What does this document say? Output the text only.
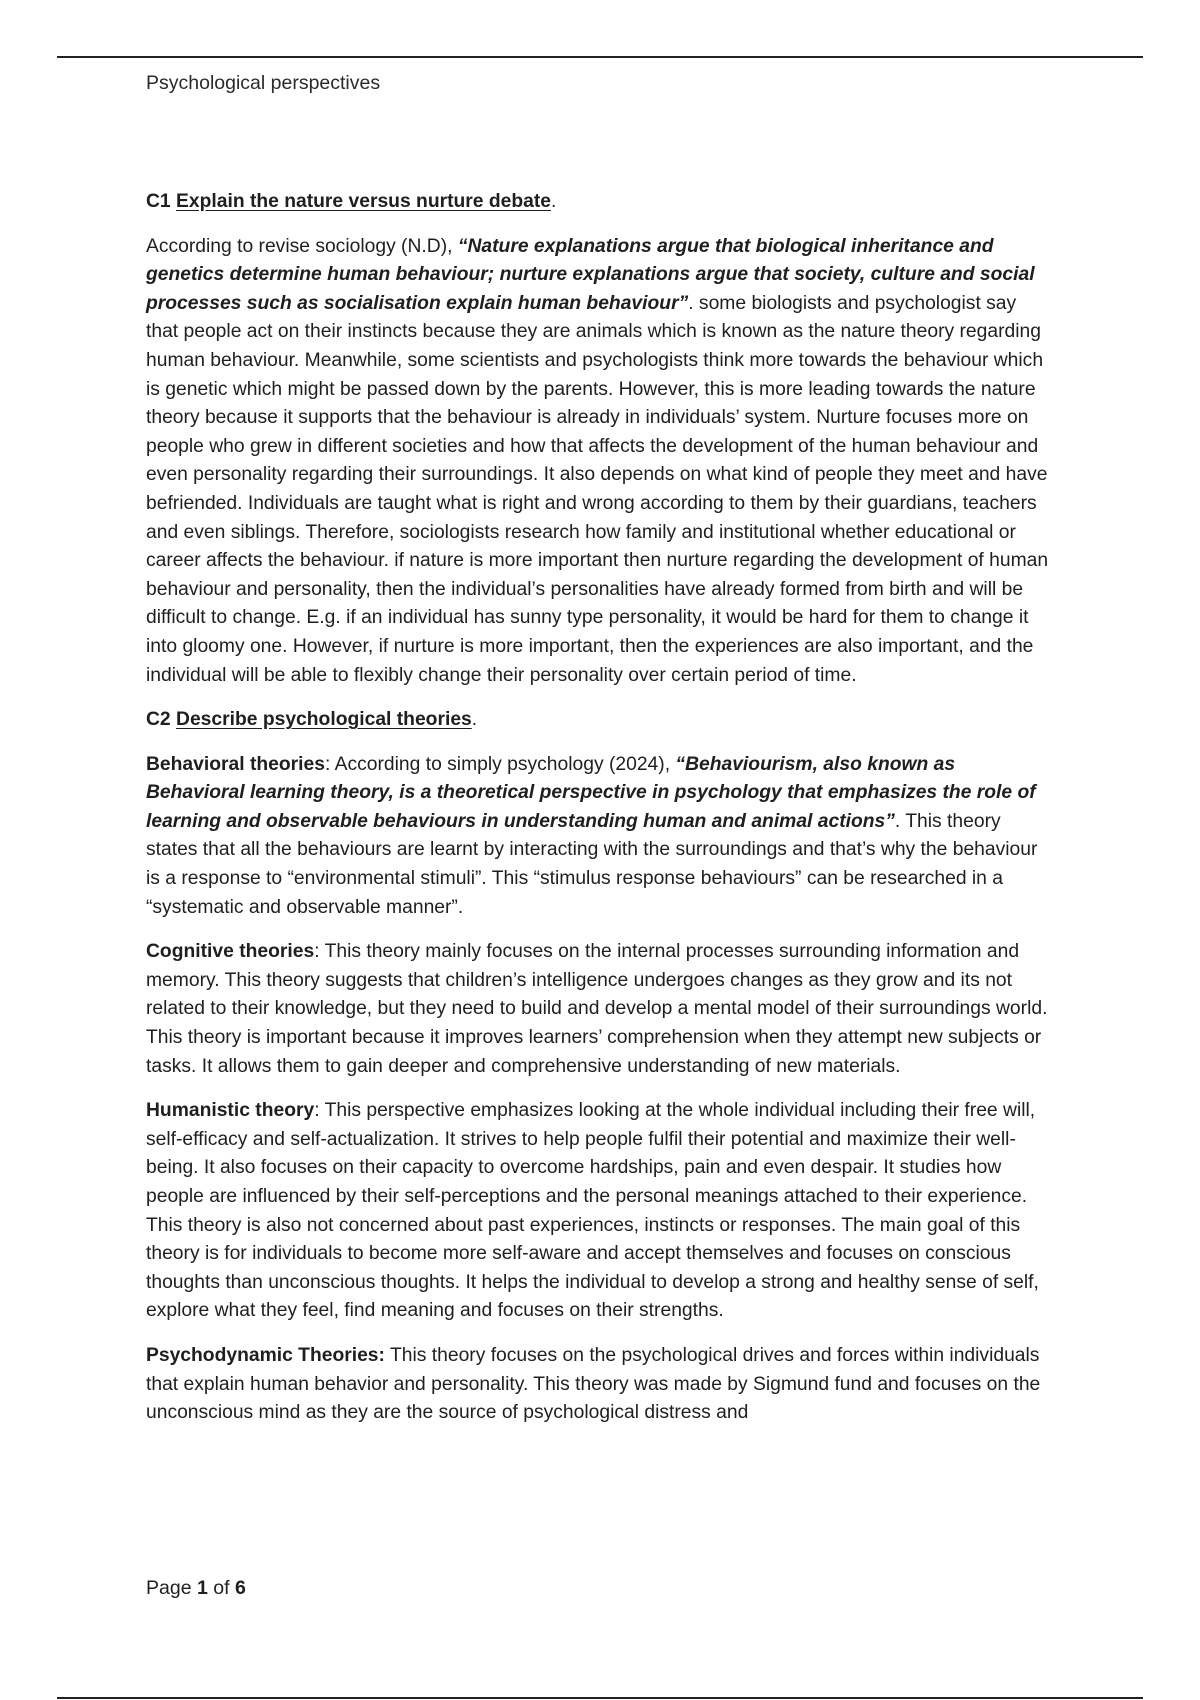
Psychological perspectives

C1 Explain the nature versus nurture debate.

According to revise sociology (N.D), “Nature explanations argue that biological inheritance and genetics determine human behaviour; nurture explanations argue that society, culture and social processes such as socialisation explain human behaviour”. some biologists and psychologist say that people act on their instincts because they are animals which is known as the nature theory regarding human behaviour. Meanwhile, some scientists and psychologists think more towards the behaviour which is genetic which might be passed down by the parents. However, this is more leading towards the nature theory because it supports that the behaviour is already in individuals’ system. Nurture focuses more on people who grew in different societies and how that affects the development of the human behaviour and even personality regarding their surroundings. It also depends on what kind of people they meet and have befriended. Individuals are taught what is right and wrong according to them by their guardians, teachers and even siblings. Therefore, sociologists research how family and institutional whether educational or career affects the behaviour. if nature is more important then nurture regarding the development of human behaviour and personality, then the individual’s personalities have already formed from birth and will be difficult to change. E.g. if an individual has sunny type personality, it would be hard for them to change it into gloomy one. However, if nurture is more important, then the experiences are also important, and the individual will be able to flexibly change their personality over certain period of time.

C2 Describe psychological theories.

Behavioral theories: According to simply psychology (2024), “Behaviourism, also known as Behavioral learning theory, is a theoretical perspective in psychology that emphasizes the role of learning and observable behaviours in understanding human and animal actions”. This theory states that all the behaviours are learnt by interacting with the surroundings and that’s why the behaviour is a response to “environmental stimuli”. This “stimulus response behaviours” can be researched in a “systematic and observable manner”.

Cognitive theories: This theory mainly focuses on the internal processes surrounding information and memory. This theory suggests that children’s intelligence undergoes changes as they grow and its not related to their knowledge, but they need to build and develop a mental model of their surroundings world. This theory is important because it improves learners’ comprehension when they attempt new subjects or tasks. It allows them to gain deeper and comprehensive understanding of new materials.

Humanistic theory: This perspective emphasizes looking at the whole individual including their free will, self-efficacy and self-actualization. It strives to help people fulfil their potential and maximize their well-being. It also focuses on their capacity to overcome hardships, pain and even despair. It studies how people are influenced by their self-perceptions and the personal meanings attached to their experience. This theory is also not concerned about past experiences, instincts or responses. The main goal of this theory is for individuals to become more self-aware and accept themselves and focuses on conscious thoughts than unconscious thoughts. It helps the individual to develop a strong and healthy sense of self, explore what they feel, find meaning and focuses on their strengths.

Psychodynamic Theories: This theory focuses on the psychological drives and forces within individuals that explain human behavior and personality. This theory was made by Sigmund fund and focuses on the unconscious mind as they are the source of psychological distress and

Page 1 of 6
